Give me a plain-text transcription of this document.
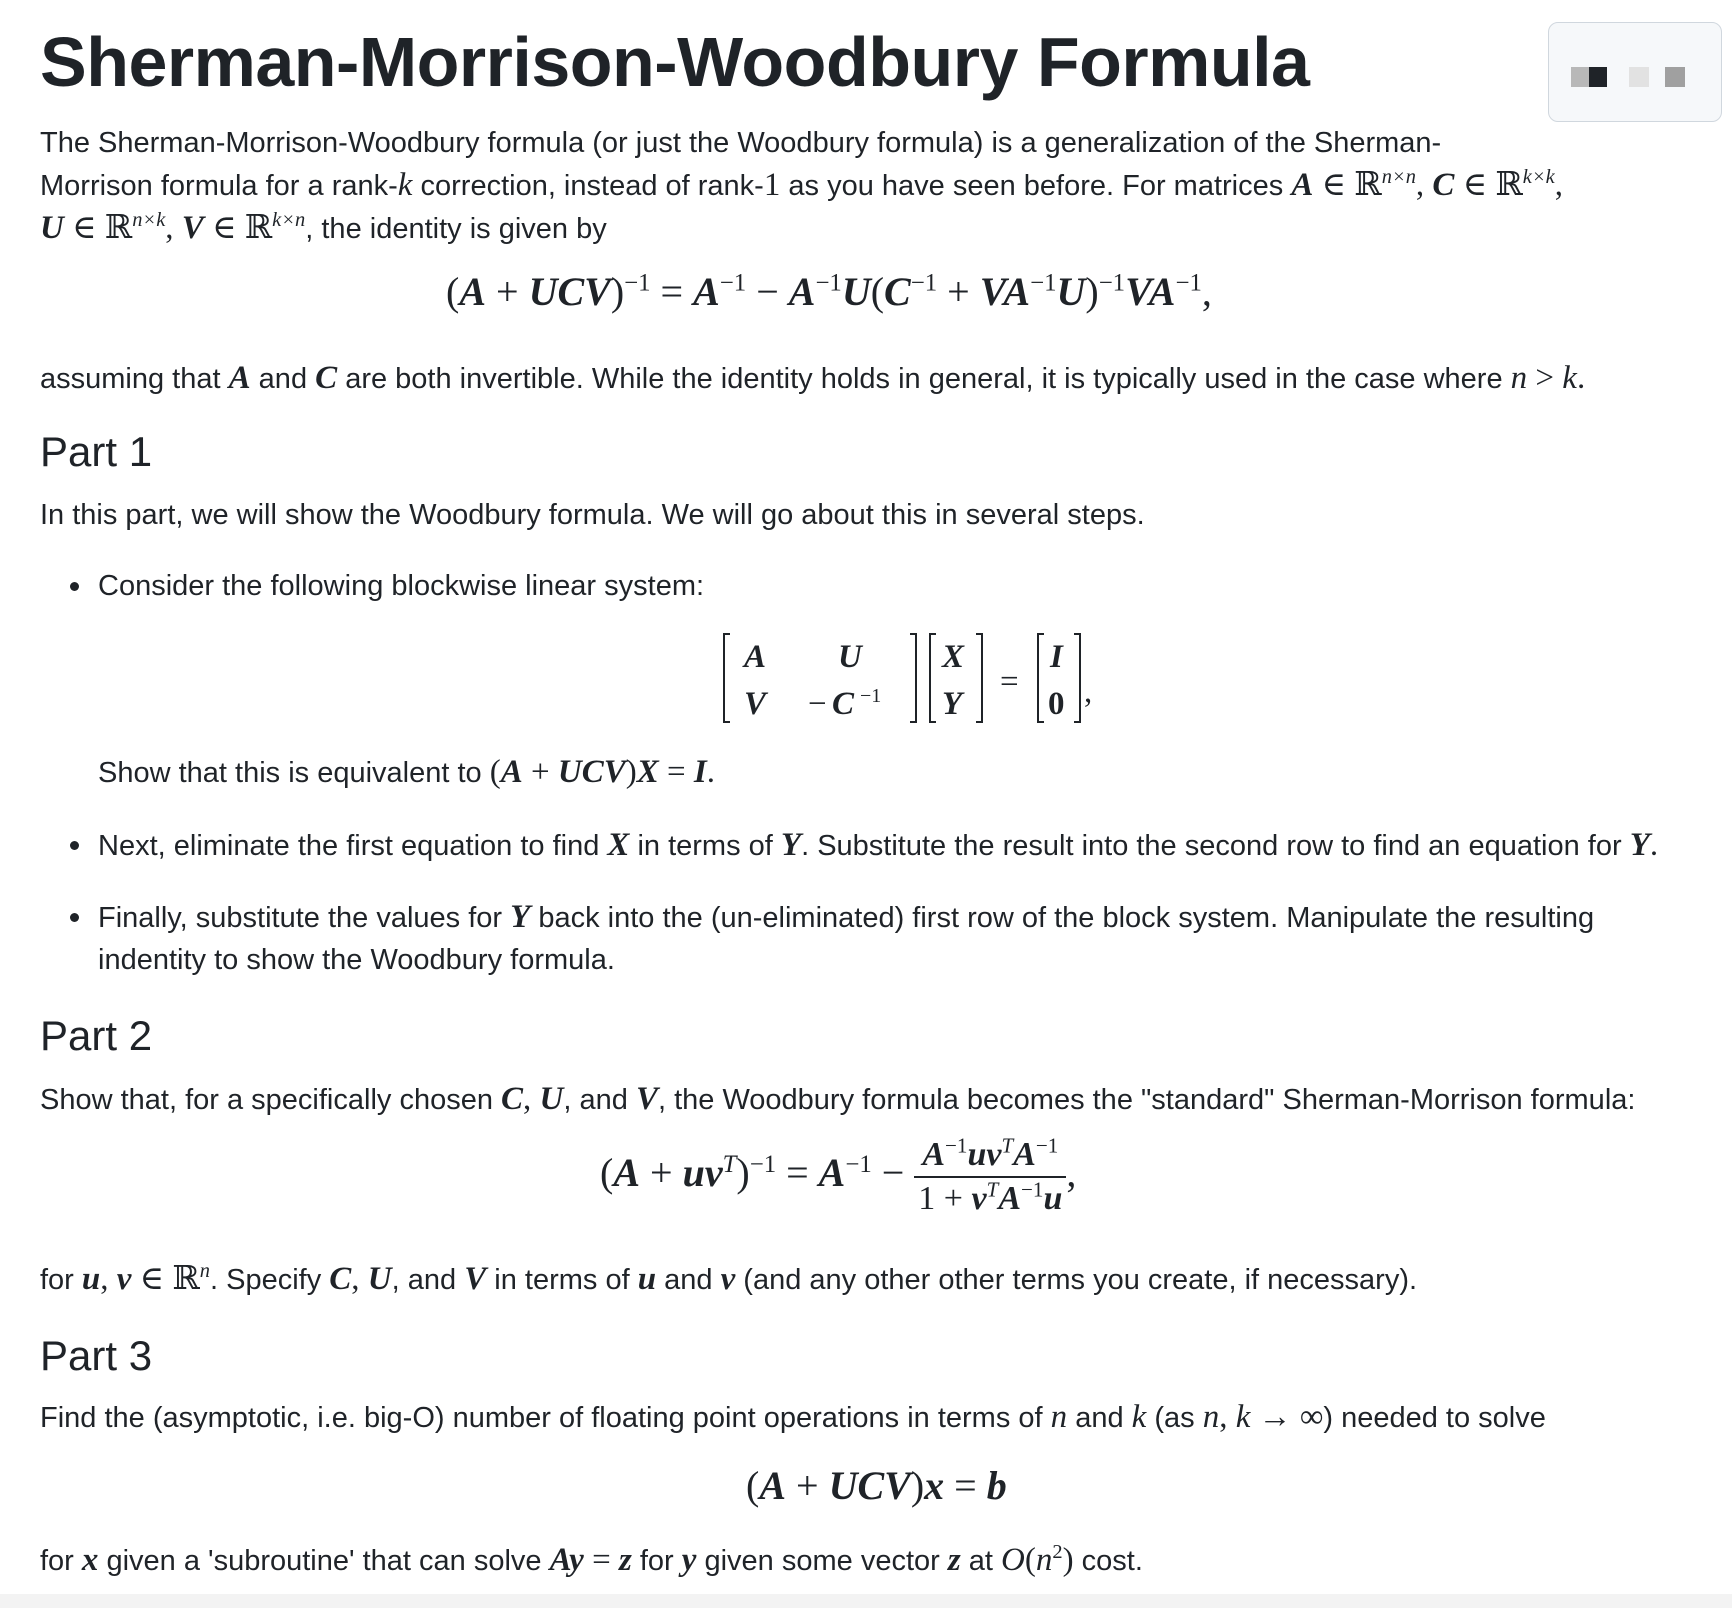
Sherman-Morrison-Woodbury Formula
The Sherman-Morrison-Woodbury formula (or just the Woodbury formula) is a generalization of the Sherman-
Morrison formula for a rank-k correction, instead of rank-1 as you have seen before. For matrices A ∈ ℝ$^{n\times n}$, C ∈ ℝ$^{k\times k}$,
U ∈ ℝ$^{n\times k}$, V ∈ ℝ$^{k\times n}$, the identity is given by
$(A + UCV)^{-1} = A^{-1} - A^{-1}U(C^{-1} + VA^{-1}U)^{-1}VA^{-1}$,
assuming that A and C are both invertible. While the identity holds in general, it is typically used in the case where n > k.
Part 1
In this part, we will show the Woodbury formula. We will go about this in several steps.
Consider the following blockwise linear system:
A U
V − C −1
X
Y
=
I
0 ,
Show that this is equivalent to (A + UCV)X = I.
Next, eliminate the first equation to find X in terms of Y. Substitute the result into the second row to find an equation for Y.
Finally, substitute the values for Y back into the (un-eliminated) first row of the block system. Manipulate the resulting
indentity to show the Woodbury formula.
Part 2
Show that, for a specifically chosen C, U, and V, the Woodbury formula becomes the "standard" Sherman-Morrison formula:
$(A + uv^T)^{-1} = A^{-1} - \frac{A^{-1}uv^TA^{-1}}{1 + v^TA^{-1}u}$ ,
for u, v ∈ ℝ$^n$. Specify C, U, and V in terms of u and v (and any other other terms you create, if necessary).
Part 3
Find the (asymptotic, i.e. big-O) number of floating point operations in terms of n and k (as n, k → ∞) needed to solve
(A + UCV)x = b
for x given a 'subroutine' that can solve Ay = z for y given some vector z at $O(n^2)$ cost.
